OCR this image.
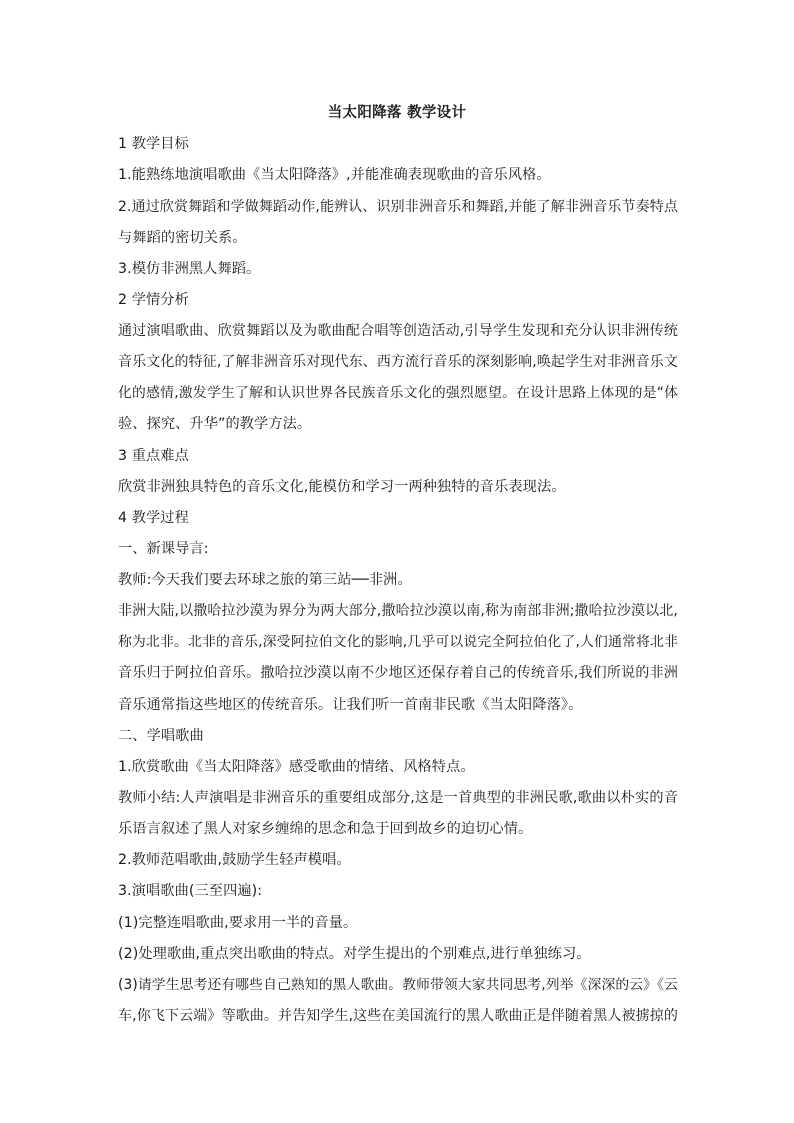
当太阳降落 教学设计
1 教学目标
1.能熟练地演唱歌曲《当太阳降落》,并能准确表现歌曲的音乐风格。
2.通过欣赏舞蹈和学做舞蹈动作,能辨认、识别非洲音乐和舞蹈,并能了解非洲音乐节奏特点
与舞蹈的密切关系。
3.模仿非洲黑人舞蹈。
2 学情分析
通过演唱歌曲、欣赏舞蹈以及为歌曲配合唱等创造活动,引导学生发现和充分认识非洲传统
音乐文化的特征,了解非洲音乐对现代东、西方流行音乐的深刻影响,唤起学生对非洲音乐文
化的感情,激发学生了解和认识世界各民族音乐文化的强烈愿望。在设计思路上体现的是“体
验、探究、升华”的教学方法。
3 重点难点
欣赏非洲独具特色的音乐文化,能模仿和学习一两种独特的音乐表现法。
4 教学过程
一、新课导言:
教师:今天我们要去环球之旅的第三站──非洲。
非洲大陆,以撒哈拉沙漠为界分为两大部分,撒哈拉沙漠以南,称为南部非洲;撒哈拉沙漠以北,
称为北非。北非的音乐,深受阿拉伯文化的影响,几乎可以说完全阿拉伯化了,人们通常将北非
音乐归于阿拉伯音乐。撒哈拉沙漠以南不少地区还保存着自己的传统音乐,我们所说的非洲
音乐通常指这些地区的传统音乐。让我们听一首南非民歌《当太阳降落》。
二、学唱歌曲
1.欣赏歌曲《当太阳降落》感受歌曲的情绪、风格特点。
教师小结:人声演唱是非洲音乐的重要组成部分,这是一首典型的非洲民歌,歌曲以朴实的音
乐语言叙述了黑人对家乡缠绵的思念和急于回到故乡的迫切心情。
2.教师范唱歌曲,鼓励学生轻声模唱。
3.演唱歌曲(三至四遍):
(1)完整连唱歌曲,要求用一半的音量。
(2)处理歌曲,重点突出歌曲的特点。对学生提出的个别难点,进行单独练习。
(3)请学生思考还有哪些自己熟知的黑人歌曲。教师带领大家共同思考,列举《深深的云》《云
车,你飞下云端》等歌曲。并告知学生,这些在美国流行的黑人歌曲正是伴随着黑人被掳掠的
